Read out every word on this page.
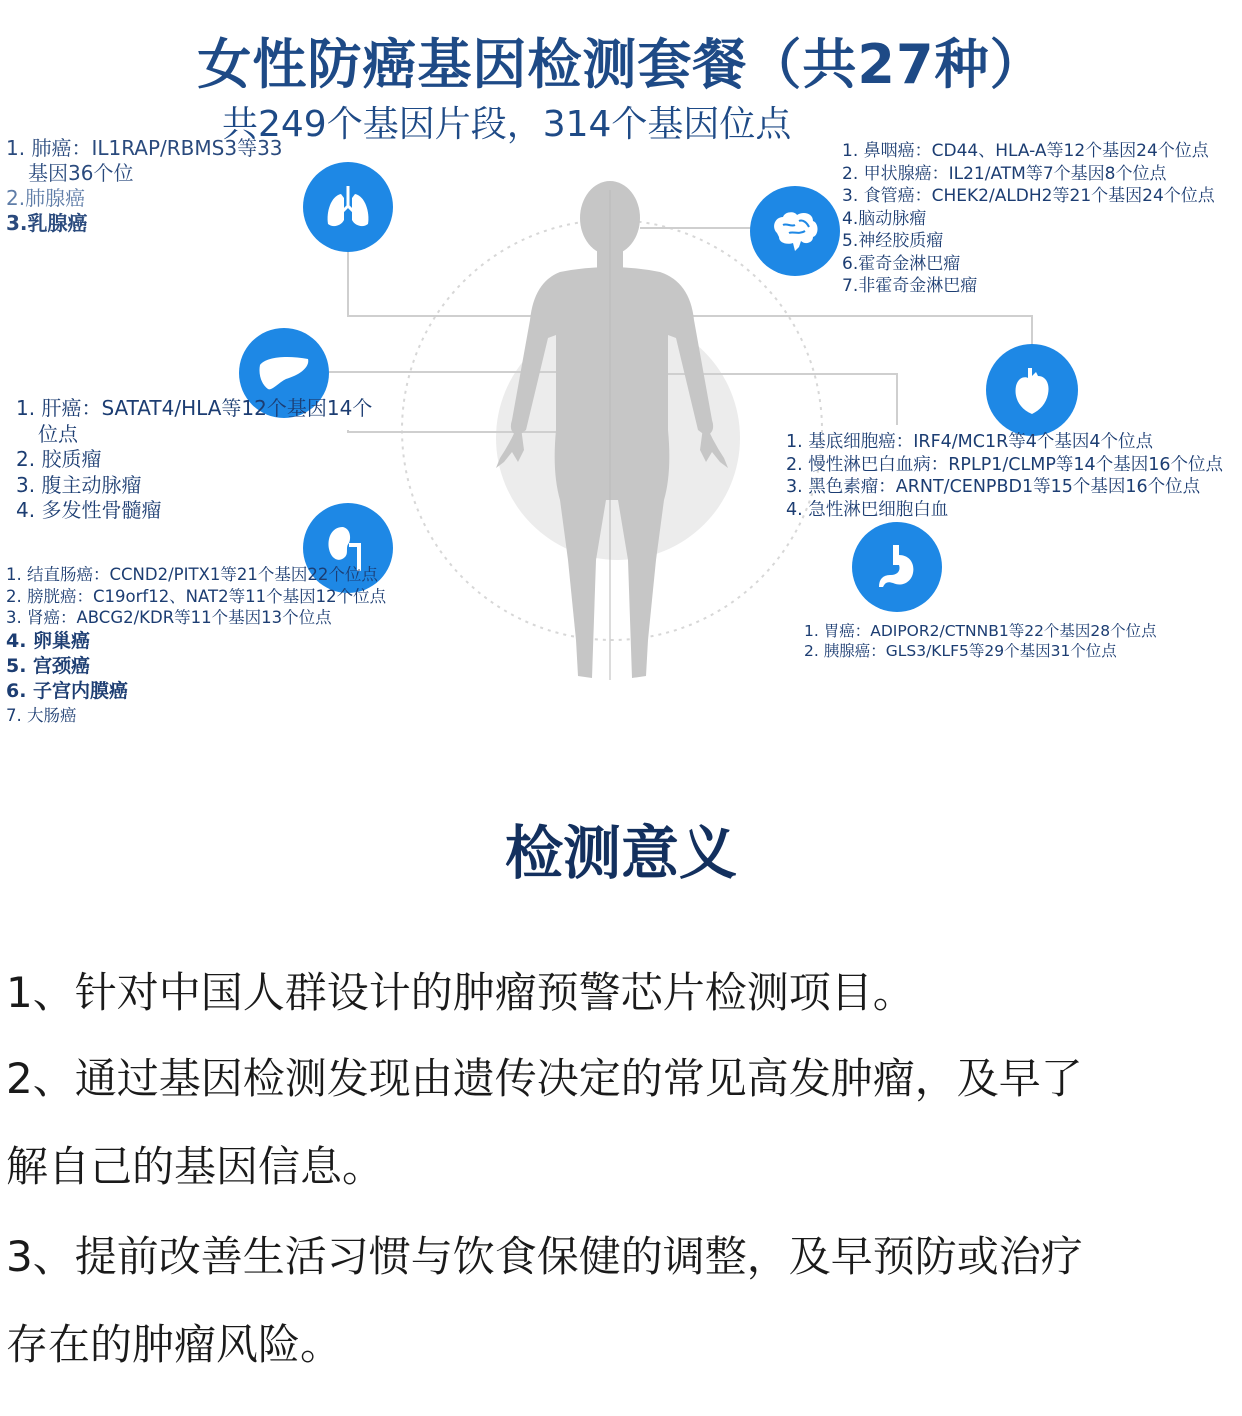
女性防癌基因检测套餐（共27种）
共249个基因片段，314个基因位点
1. 肺癌：IL1RAP/RBMS3等33
基因36个位
2.肺腺癌
3.乳腺癌
1. 鼻咽癌：CD44、HLA-A等12个基因24个位点
2. 甲状腺癌：IL21/ATM等7个基因8个位点
3. 食管癌：CHEK2/ALDH2等21个基因24个位点
4.脑动脉瘤
5.神经胶质瘤
6.霍奇金淋巴瘤
7.非霍奇金淋巴瘤
1. 肝癌：SATAT4/HLA等12个基因14个
位点
2. 胶质瘤
3. 腹主动脉瘤
4. 多发性骨髓瘤
1. 基底细胞癌：IRF4/MC1R等4个基因4个位点
2. 慢性淋巴白血病：RPLP1/CLMP等14个基因16个位点
3. 黑色素瘤：ARNT/CENPBD1等15个基因16个位点
4. 急性淋巴细胞白血
1. 结直肠癌：CCND2/PITX1等21个基因22个位点
2. 膀胱癌：C19orf12、NAT2等11个基因12个位点
3. 肾癌：ABCG2/KDR等11个基因13个位点
4. 卵巢癌
5. 宫颈癌
6. 子宫内膜癌
7. 大肠癌
1. 胃癌：ADIPOR2/CTNNB1等22个基因28个位点
2. 胰腺癌：GLS3/KLF5等29个基因31个位点
检测意义
1、针对中国人群设计的肿瘤预警芯片检测项目。
2、通过基因检测发现由遗传决定的常见高发肿瘤，及早了
解自己的基因信息。
3、提前改善生活习惯与饮食保健的调整，及早预防或治疗
存在的肿瘤风险。
